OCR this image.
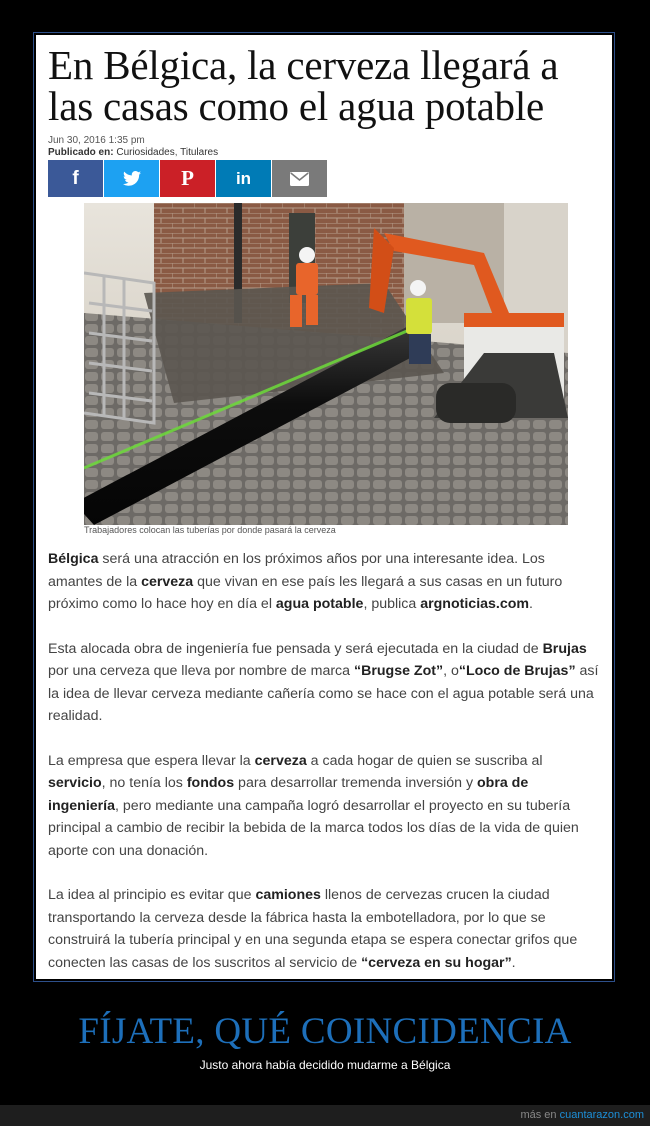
En Bélgica, la cerveza llegará a las casas como el agua potable
Jun 30, 2016 1:35 pm
Publicado en: Curiosidades, Titulares
f	P in
Trabajadores colocan las tuberías por donde pasará la cerveza

Bélgica será una atracción en los próximos años por una interesante idea. Los amantes de la cerveza que vivan en ese país les llegará a sus casas en un futuro próximo como lo hace hoy en día el agua potable, publica argnoticias.com.

Esta alocada obra de ingeniería fue pensada y será ejecutada en la ciudad de Brujas por una cerveza que lleva por nombre de marca “Brugse Zot”, o“Loco de Brujas” así la idea de llevar cerveza mediante cañería como se hace con el agua potable será una realidad.

La empresa que espera llevar la cerveza a cada hogar de quien se suscriba al servicio, no tenía los fondos para desarrollar tremenda inversión y obra de ingeniería, pero mediante una campaña logró desarrollar el proyecto en su tubería principal a cambio de recibir la bebida de la marca todos los días de la vida de quien aporte con una donación.

La idea al principio es evitar que camiones llenos de cervezas crucen la ciudad transportando la cerveza desde la fábrica hasta la embotelladora, por lo que se construirá la tubería principal y en una segunda etapa se espera conectar grifos que conecten las casas de los suscritos al servicio de “cerveza en su hogar”.

FÍJATE, QUÉ COINCIDENCIA
Justo ahora había decidido mudarme a Bélgica
más en cuantarazon.com
